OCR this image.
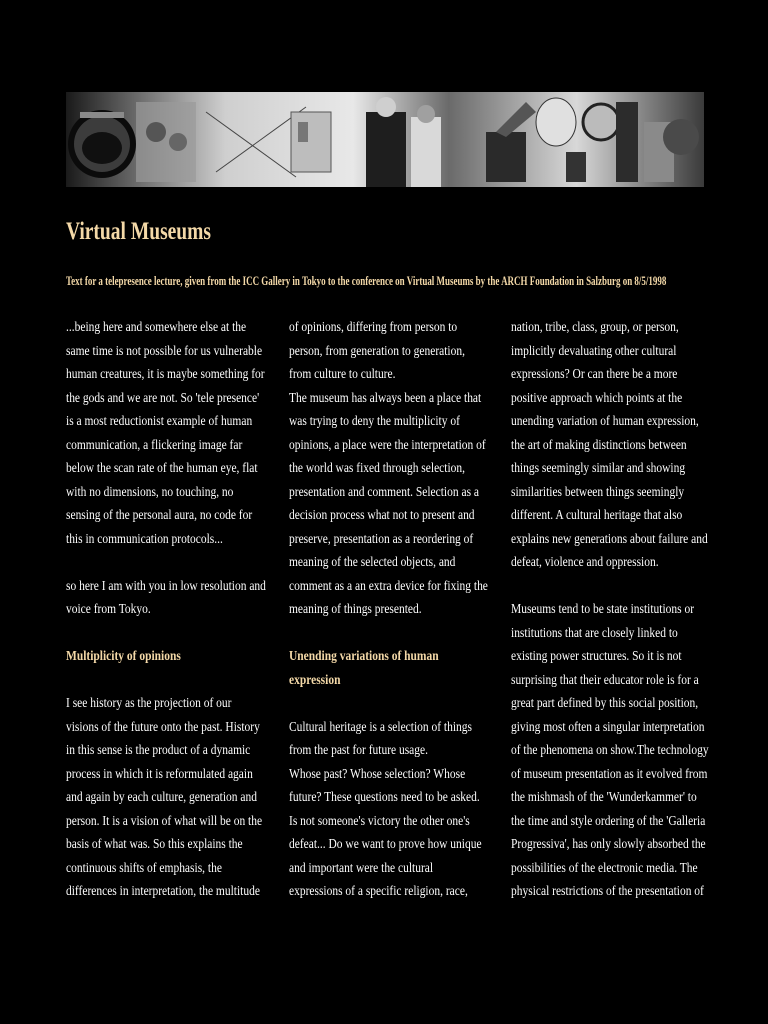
Virtual Museums

Text for a telepresence lecture, given from the ICC Gallery in Tokyo to the conference on Virtual Museums by the ARCH Foundation in Salzburg on 8/5/1998

...being here and somewhere else at the
same time is not possible for us vulnerable
human creatures, it is maybe something for
the gods and we are not. So 'tele presence'
is a most reductionist example of human
communication, a flickering image far
below the scan rate of the human eye, flat
with no dimensions, no touching, no
sensing of the personal aura, no code for
this in communication protocols...
so here I am with you in low resolution and
voice from Tokyo.
Multiplicity of opinions
I see history as the projection of our
visions of the future onto the past. History
in this sense is the product of a dynamic
process in which it is reformulated again
and again by each culture, generation and
person. It is a vision of what will be on the
basis of what was. So this explains the
continuous shifts of emphasis, the
differences in interpretation, the multitude
of opinions, differing from person to
person, from generation to generation,
from culture to culture.
The museum has always been a place that
was trying to deny the multiplicity of
opinions, a place were the interpretation of
the world was fixed through selection,
presentation and comment. Selection as a
decision process what not to present and
preserve, presentation as a reordering of
meaning of the selected objects, and
comment as a an extra device for fixing the
meaning of things presented.
Unending variations of human
expression
Cultural heritage is a selection of things
from the past for future usage.
Whose past? Whose selection? Whose
future? These questions need to be asked.
Is not someone's victory the other one's
defeat... Do we want to prove how unique
and important were the cultural
expressions of a specific religion, race,
nation, tribe, class, group, or person,
implicitly devaluating other cultural
expressions? Or can there be a more
positive approach which points at the
unending variation of human expression,
the art of making distinctions between
things seemingly similar and showing
similarities between things seemingly
different. A cultural heritage that also
explains new generations about failure and
defeat, violence and oppression.
Museums tend to be state institutions or
institutions that are closely linked to
existing power structures. So it is not
surprising that their educator role is for a
great part defined by this social position,
giving most often a singular interpretation
of the phenomena on show.The technology
of museum presentation as it evolved from
the mishmash of the 'Wunderkammer' to
the time and style ordering of the 'Galleria
Progressiva', has only slowly absorbed the
possibilities of the electronic media. The
physical restrictions of the presentation of
